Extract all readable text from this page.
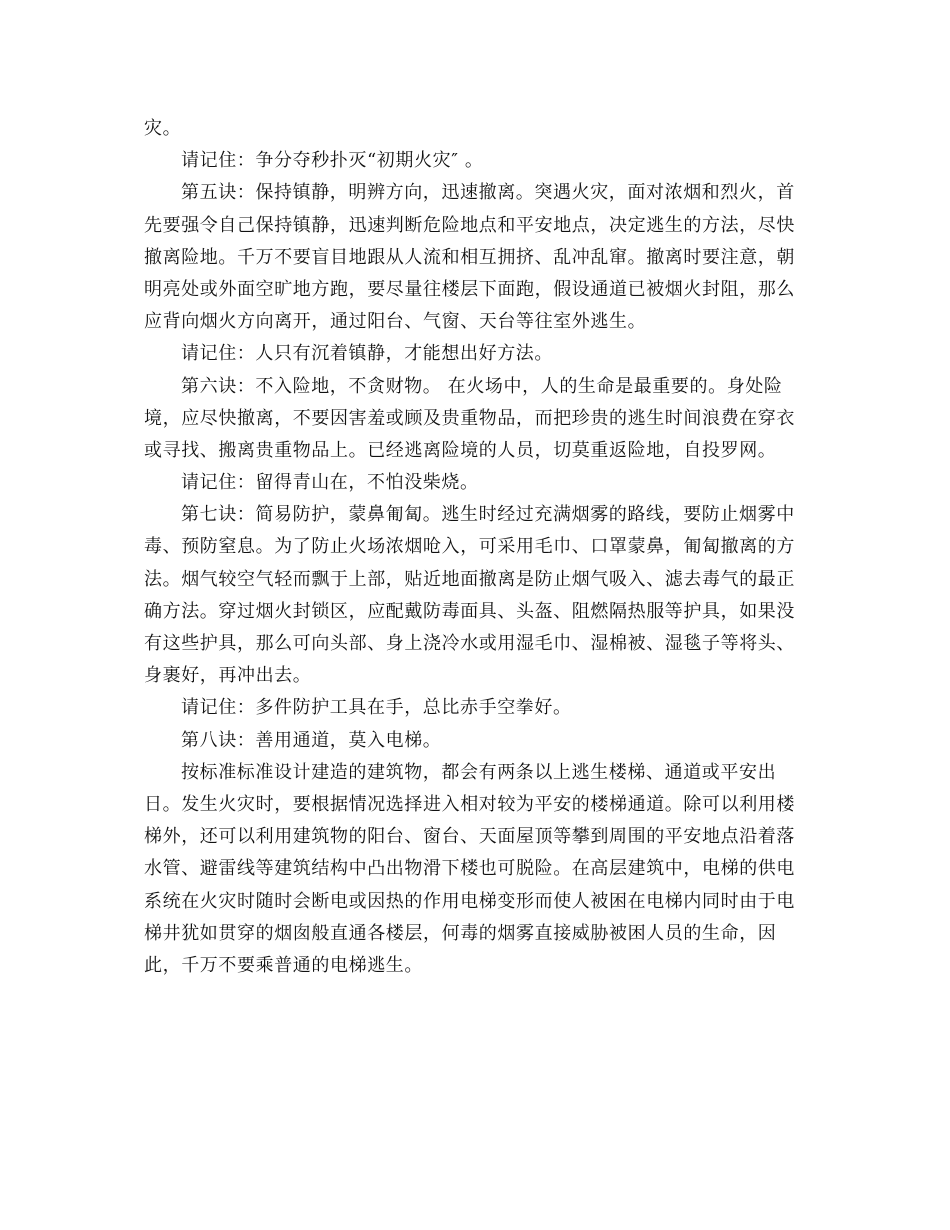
灾。
请记住：争分夺秒扑灭“初期火灾″ 。
第五诀：保持镇静，明辨方向，迅速撤离。突遇火灾，面对浓烟和烈火，首
先要强令自己保持镇静，迅速判断危险地点和平安地点，决定逃生的方法，尽快
撤离险地。千万不要盲目地跟从人流和相互拥挤、乱冲乱窜。撤离时要注意，朝
明亮处或外面空旷地方跑，要尽量往楼层下面跑，假设通道已被烟火封阻，那么
应背向烟火方向离开，通过阳台、气窗、天台等往室外逃生。
请记住：人只有沉着镇静，才能想出好方法。
第六诀：不入险地，不贪财物。 在火场中，人的生命是最重要的。身处险
境，应尽快撤离，不要因害羞或顾及贵重物品，而把珍贵的逃生时间浪费在穿衣
或寻找、搬离贵重物品上。已经逃离险境的人员，切莫重返险地，自投罗网。
请记住：留得青山在，不怕没柴烧。
第七诀：简易防护，蒙鼻匍匐。逃生时经过充满烟雾的路线，要防止烟雾中
毒、预防窒息。为了防止火场浓烟呛入，可采用毛巾、口罩蒙鼻，匍匐撤离的方
法。烟气较空气轻而飘于上部，贴近地面撤离是防止烟气吸入、滤去毒气的最正
确方法。穿过烟火封锁区，应配戴防毒面具、头盔、阻燃隔热服等护具，如果没
有这些护具，那么可向头部、身上浇冷水或用湿毛巾、湿棉被、湿毯子等将头、
身裹好，再冲出去。
请记住：多件防护工具在手，总比赤手空拳好。
第八诀：善用通道，莫入电梯。
按标准标准设计建造的建筑物，都会有两条以上逃生楼梯、通道或平安出
日。发生火灾时，要根据情况选择进入相对较为平安的楼梯通道。除可以利用楼
梯外，还可以利用建筑物的阳台、窗台、天面屋顶等攀到周围的平安地点沿着落
水管、避雷线等建筑结构中凸出物滑下楼也可脱险。在高层建筑中，电梯的供电
系统在火灾时随时会断电或因热的作用电梯变形而使人被困在电梯内同时由于电
梯井犹如贯穿的烟囱般直通各楼层，何毒的烟雾直接威胁被困人员的生命，因
此，千万不要乘普通的电梯逃生。
